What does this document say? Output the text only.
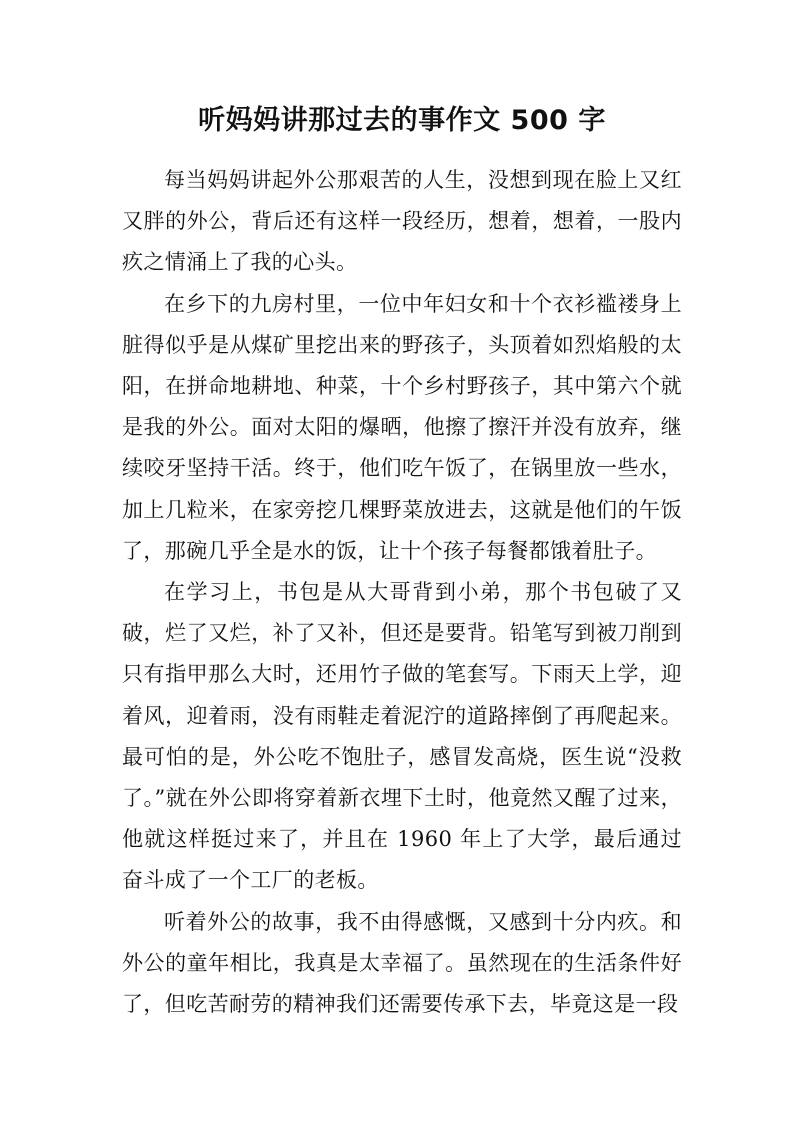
听妈妈讲那过去的事作文 500 字

每当妈妈讲起外公那艰苦的人生，没想到现在脸上又红又胖的外公，背后还有这样一段经历，想着，想着，一股内疚之情涌上了我的心头。

在乡下的九房村里，一位中年妇女和十个衣衫褴褛身上脏得似乎是从煤矿里挖出来的野孩子，头顶着如烈焰般的太阳，在拼命地耕地、种菜，十个乡村野孩子，其中第六个就是我的外公。面对太阳的爆晒，他擦了擦汗并没有放弃，继续咬牙坚持干活。终于，他们吃午饭了，在锅里放一些水，加上几粒米，在家旁挖几棵野菜放进去，这就是他们的午饭了，那碗几乎全是水的饭，让十个孩子每餐都饿着肚子。

在学习上，书包是从大哥背到小弟，那个书包破了又破，烂了又烂，补了又补，但还是要背。铅笔写到被刀削到只有指甲那么大时，还用竹子做的笔套写。下雨天上学，迎着风，迎着雨，没有雨鞋走着泥泞的道路摔倒了再爬起来。最可怕的是，外公吃不饱肚子，感冒发高烧，医生说“没救了。”就在外公即将穿着新衣埋下土时，他竟然又醒了过来，他就这样挺过来了，并且在 1960 年上了大学，最后通过奋斗成了一个工厂的老板。

听着外公的故事，我不由得感慨，又感到十分内疚。和外公的童年相比，我真是太幸福了。虽然现在的生活条件好了，但吃苦耐劳的精神我们还需要传承下去，毕竟这是一段
